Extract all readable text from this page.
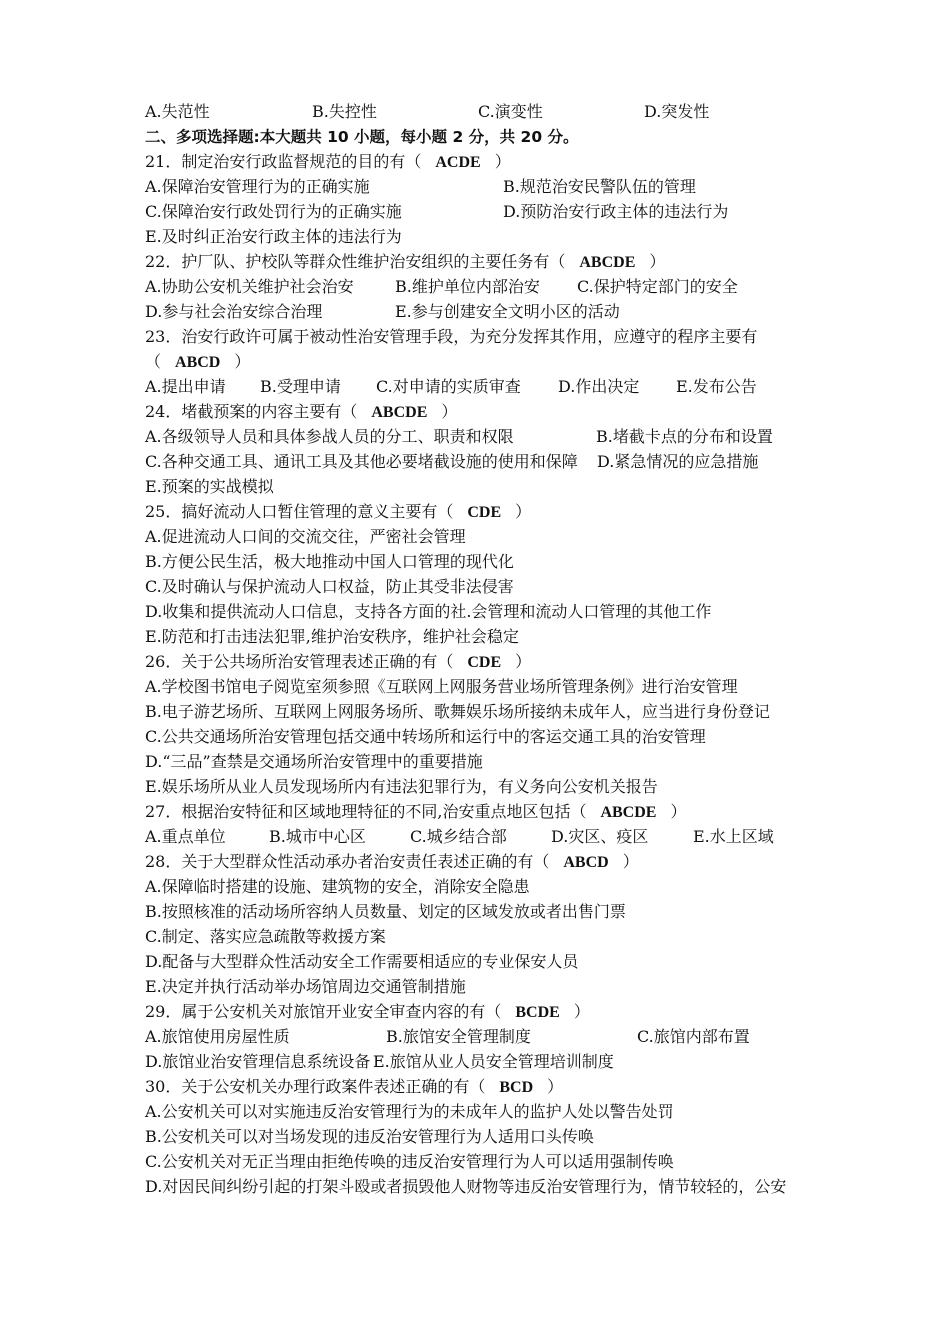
A.失范性	B.失控性	C.演变性	D.突发性
二、多项选择题:本大题共 10 小题，每小题 2 分，共 20 分。
21．制定治安行政监督规范的目的有（ ACDE ）
A.保障治安管理行为的正确实施	B.规范治安民警队伍的管理
C.保障治安行政处罚行为的正确实施	D.预防治安行政主体的违法行为
E.及时纠正治安行政主体的违法行为
22．护厂队、护校队等群众性维护治安组织的主要任务有（ ABCDE ）
A.协助公安机关维护社会治安	B.维护单位内部治安 C.保护特定部门的安全
D.参与社会治安综合治理	E.参与创建安全文明小区的活动
23．治安行政许可属于被动性治安管理手段，为充分发挥其作用，应遵守的程序主要有
（ ABCD ）
A.提出申请 B.受理申请 C.对申请的实质审查 D.作出决定 E.发布公告
24．堵截预案的内容主要有（ ABCDE ）
A.各级领导人员和具体参战人员的分工、职责和权限	B.堵截卡点的分布和设置
C.各种交通工具、通讯工具及其他必要堵截设施的使用和保障 D.紧急情况的应急措施
E.预案的实战模拟
25．搞好流动人口暂住管理的意义主要有（ CDE ）
A.促进流动人口间的交流交往，严密社会管理
B.方便公民生活，极大地推动中国人口管理的现代化
C.及时确认与保护流动人口权益，防止其受非法侵害
D.收集和提供流动人口信息，支持各方面的社.会管理和流动人口管理的其他工作
E.防范和打击违法犯罪,维护治安秩序，维护社会稳定
26．关于公共场所治安管理表述正确的有（ CDE ）
A.学校图书馆电子阅览室须参照《互联网上网服务营业场所管理条例》进行治安管理
B.电子游艺场所、互联网上网服务场所、歌舞娱乐场所接纳未成年人，应当进行身份登记
C.公共交通场所治安管理包括交通中转场所和运行中的客运交通工具的治安管理
D.“三品”查禁是交通场所治安管理中的重要措施
E.娱乐场所从业人员发现场所内有违法犯罪行为，有义务向公安机关报告
27．根据治安特征和区域地理特征的不同,治安重点地区包括（ ABCDE ）
A.重点单位	B.城市中心区	C.城乡结合部	D.灾区、疫区	E.水上区域
28．关于大型群众性活动承办者治安责任表述正确的有（ ABCD ）
A.保障临时搭建的设施、建筑物的安全，消除安全隐患
B.按照核准的活动场所容纳人员数量、划定的区域发放或者出售门票
C.制定、落实应急疏散等救援方案
D.配备与大型群众性活动安全工作需要相适应的专业保安人员
E.决定并执行活动举办场馆周边交通管制措施
29．属于公安机关对旅馆开业安全审查内容的有（ BCDE ）
A.旅馆使用房屋性质	B.旅馆安全管理制度	C.旅馆内部布置
D.旅馆业治安管理信息系统设备 E.旅馆从业人员安全管理培训制度
30．关于公安机关办理行政案件表述正确的有（ BCD ）
A.公安机关可以对实施违反治安管理行为的未成年人的监护人处以警告处罚
B.公安机关可以对当场发现的违反治安管理行为人适用口头传唤
C.公安机关对无正当理由拒绝传唤的违反治安管理行为人可以适用强制传唤
D.对因民间纠纷引起的打架斗殴或者损毁他人财物等违反治安管理行为，情节较轻的，公安
